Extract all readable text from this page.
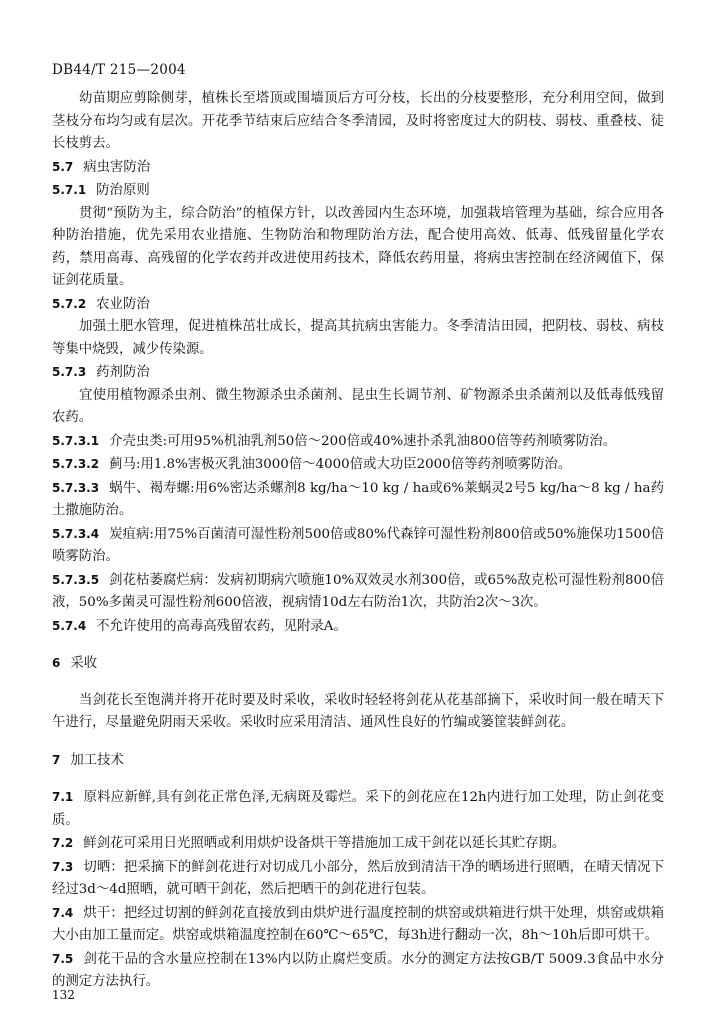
DB44/T 215—2004

幼苗期应剪除侧芽，植株长至塔顶或围墙顶后方可分枝，长出的分枝要整形，充分利用空间，做到茎枝分布均匀或有层次。开花季节结束后应结合冬季清园，及时将密度过大的阴枝、弱枝、重叠枝、徒长枝剪去。

5.7 病虫害防治

5.7.1 防治原则

贯彻“预防为主，综合防治”的植保方针，以改善园内生态环境，加强栽培管理为基础，综合应用各种防治措施，优先采用农业措施、生物防治和物理防治方法，配合使用高效、低毒、低残留量化学农药，禁用高毒、高残留的化学农药并改进使用药技术，降低农药用量，将病虫害控制在经济阈值下，保证剑花质量。

5.7.2 农业防治

加强土肥水管理，促进植株茁壮成长，提高其抗病虫害能力。冬季清洁田园，把阴枝、弱枝、病枝等集中烧毁，减少传染源。

5.7.3 药剂防治

宜使用植物源杀虫剂、微生物源杀虫杀菌剂、昆虫生长调节剂、矿物源杀虫杀菌剂以及低毒低残留农药。

5.7.3.1 介壳虫类:可用95%机油乳剂50倍～200倍或40%速扑杀乳油800倍等药剂喷雾防治。

5.7.3.2 蓟马:用1.8%害极灭乳油3000倍～4000倍或大功臣2000倍等药剂喷雾防治。

5.7.3.3 蜗牛、褐寿螺:用6%密达杀螺剂8 kg/ha～10 kg / ha或6%莱蜗灵2号5 kg/ha～8 kg / ha药土撒施防治。

5.7.3.4 炭疽病:用75%百菌清可湿性粉剂500倍或80%代森锌可湿性粉剂800倍或50%施保功1500倍喷雾防治。

5.7.3.5 剑花枯萎腐烂病：发病初期病穴喷施10%双效灵水剂300倍，或65%敌克松可湿性粉剂800倍液，50%多菌灵可湿性粉剂600倍液，视病情10d左右防治1次，共防治2次～3次。

5.7.4 不允许使用的高毒高残留农药，见附录A。

6 采收

当剑花长至饱满并将开花时要及时采收，采收时轻轻将剑花从花基部摘下，采收时间一般在晴天下午进行，尽量避免阴雨天采收。采收时应采用清洁、通风性良好的竹编或篓筐装鲜剑花。

7 加工技术

7.1 原料应新鲜,具有剑花正常色泽,无病斑及霉烂。采下的剑花应在12h内进行加工处理，防止剑花变质。

7.2 鲜剑花可采用日光照晒或利用烘炉设备烘干等措施加工成干剑花以延长其贮存期。

7.3 切晒：把采摘下的鲜剑花进行对切成几小部分，然后放到清洁干净的晒场进行照晒，在晴天情况下经过3d～4d照晒，就可晒干剑花，然后把晒干的剑花进行包装。

7.4 烘干：把经过切割的鲜剑花直接放到由烘炉进行温度控制的烘窑或烘箱进行烘干处理，烘窑或烘箱大小由加工量而定。烘窑或烘箱温度控制在60℃～65℃，每3h进行翻动一次，8h～10h后即可烘干。

7.5 剑花干品的含水量应控制在13%内以防止腐烂变质。水分的测定方法按GB/T 5009.3食品中水分的测定方法执行。

132
